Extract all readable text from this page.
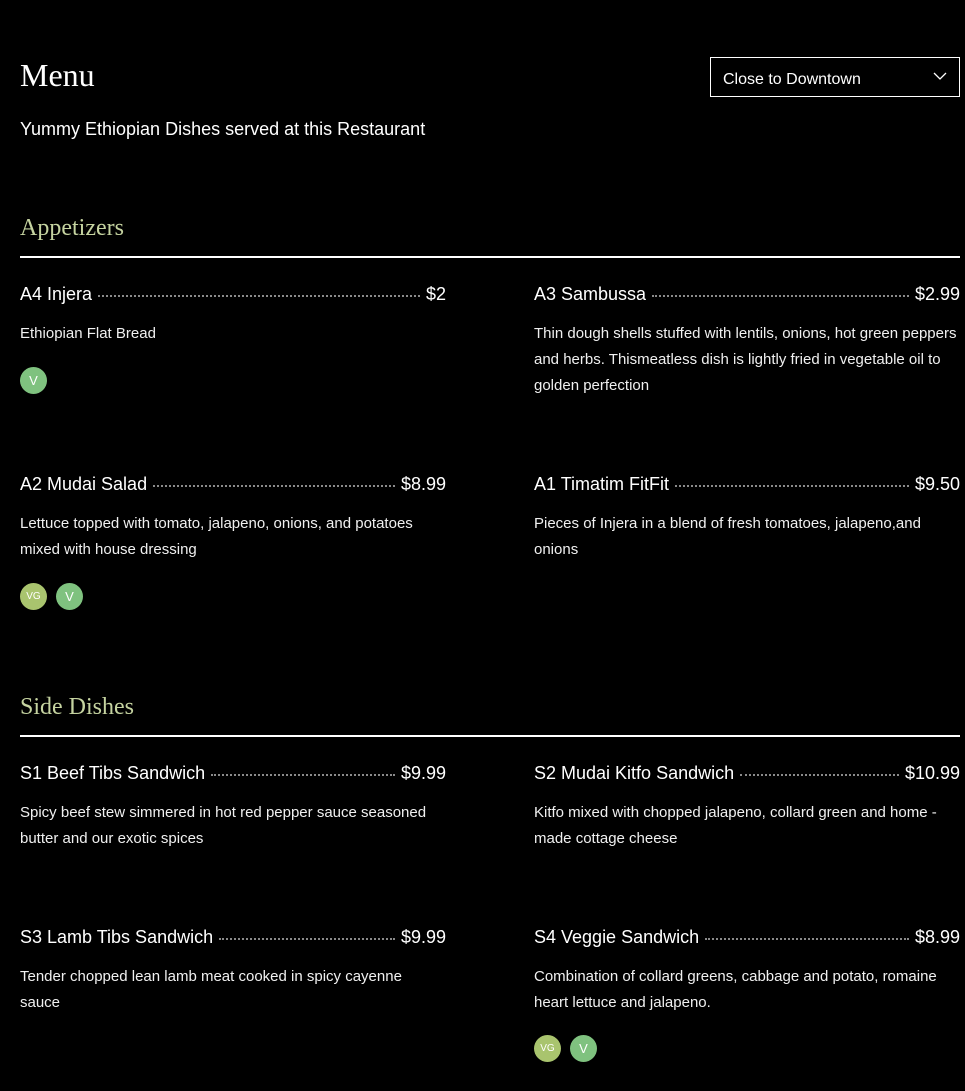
Menu	Close to Downtown

Yummy Ethiopian Dishes served at this Restaurant

Appetizers
A4 Injera	$2

Ethiopian Flat Bread

V
A3 Sambussa	$2.99

Thin dough shells stuffed with lentils, onions, hot green peppers and herbs. Thismeatless dish is lightly fried in vegetable oil to golden perfection

A2 Mudai Salad	$8.99

Lettuce topped with tomato, jalapeno, onions, and potatoes mixed with house dressing

VG	V
A1 Timatim FitFit	$9.50

Pieces of Injera in a blend of fresh tomatoes, jalapeno,and onions

Side Dishes
S1 Beef Tibs Sandwich	$9.99

Spicy beef stew simmered in hot red pepper sauce seasoned butter and our exotic spices

S2 Mudai Kitfo Sandwich	$10.99

Kitfo mixed with chopped jalapeno, collard green and home - made cottage cheese

S3 Lamb Tibs Sandwich	$9.99

Tender chopped lean lamb meat cooked in spicy cayenne sauce

S4 Veggie Sandwich	$8.99

Combination of collard greens, cabbage and potato, romaine heart lettuce and jalapeno.

VG	V
